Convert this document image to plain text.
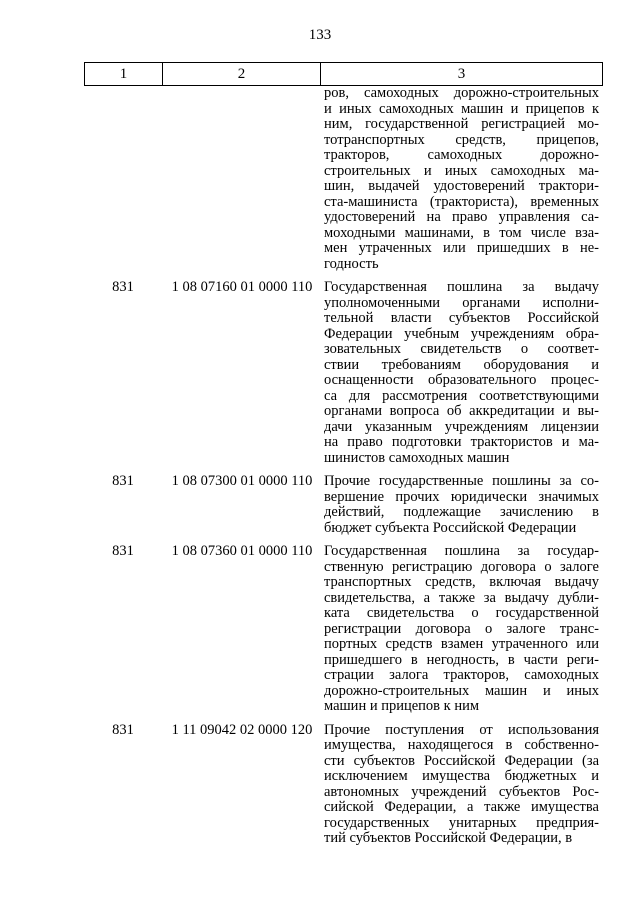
133
1	2	3
ров, самоходных дорожно-строительных
и иных самоходных машин и прицепов к
ним, государственной регистрацией мо-
тотранспортных средств, прицепов,
тракторов, самоходных дорожно-
строительных и иных самоходных ма-
шин, выдачей удостоверений трактори-
ста-машиниста (тракториста), временных
удостоверений на право управления са-
моходными машинами, в том числе вза-
мен утраченных или пришедших в не-
годность
831	1 08 07160 01 0000 110 Государственная пошлина за выдачу
уполномоченными органами исполни-
тельной власти субъектов Российской
Федерации учебным учреждениям обра-
зовательных свидетельств о соответ-
ствии требованиям оборудования и
оснащенности образовательного процес-
са для рассмотрения соответствующими
органами вопроса об аккредитации и вы-
дачи указанным учреждениям лицензии
на право подготовки трактористов и ма-
шинистов самоходных машин
831	1 08 07300 01 0000 110 Прочие государственные пошлины за со-
вершение прочих юридически значимых
действий, подлежащие зачислению в
бюджет субъекта Российской Федерации
831	1 08 07360 01 0000 110 Государственная пошлина за государ-
ственную регистрацию договора о залоге
транспортных средств, включая выдачу
свидетельства, а также за выдачу дубли-
ката свидетельства о государственной
регистрации договора о залоге транс-
портных средств взамен утраченного или
пришедшего в негодность, в части реги-
страции залога тракторов, самоходных
дорожно-строительных машин и иных
машин и прицепов к ним
831	1 11 09042 02 0000 120 Прочие поступления от использования
имущества, находящегося в собственно-
сти субъектов Российской Федерации (за
исключением имущества бюджетных и
автономных учреждений субъектов Рос-
сийской Федерации, а также имущества
государственных унитарных предприя-
тий субъектов Российской Федерации, в
